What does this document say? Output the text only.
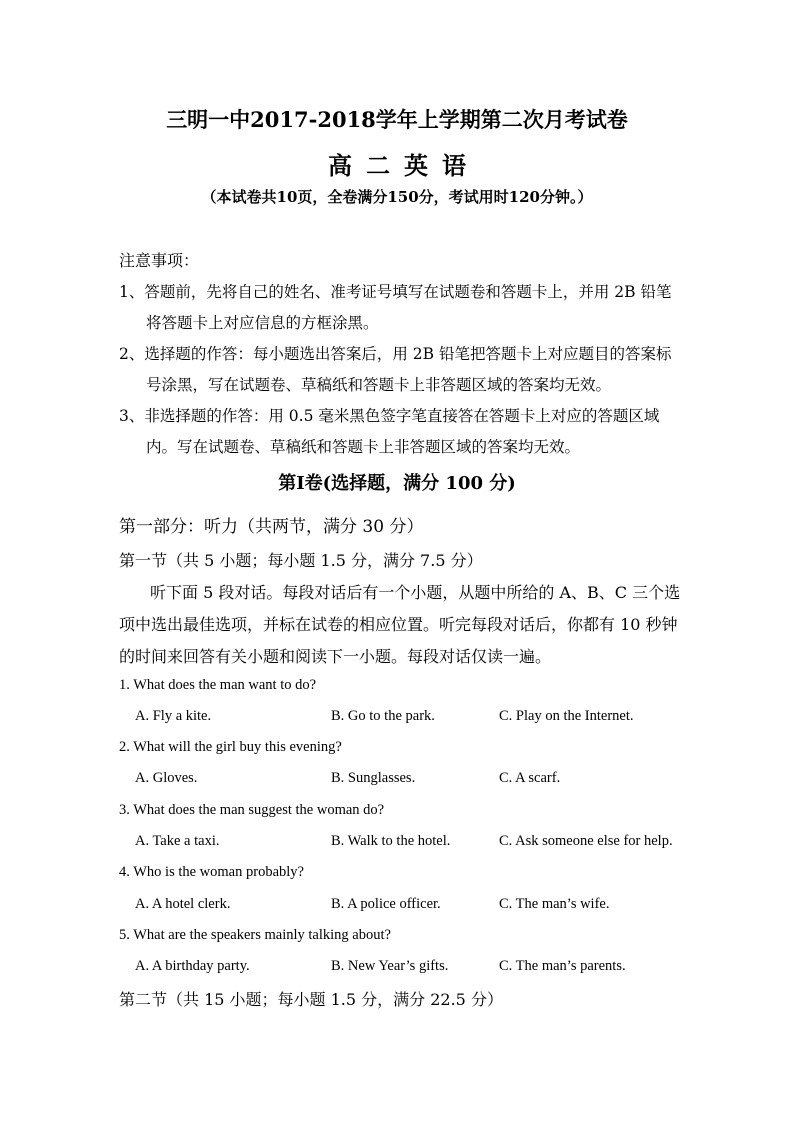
三明一中2017-2018学年上学期第二次月考试卷
高二英语
（本试卷共10页，全卷满分150分，考试用时120分钟。）
注意事项：
1、答题前，先将自己的姓名、准考证号填写在试题卷和答题卡上，并用 2B 铅笔
将答题卡上对应信息的方框涂黑。
2、选择题的作答：每小题选出答案后，用 2B 铅笔把答题卡上对应题目的答案标
号涂黑，写在试题卷、草稿纸和答题卡上非答题区域的答案均无效。
3、非选择题的作答：用 0.5 毫米黑色签字笔直接答在答题卡上对应的答题区域
内。写在试题卷、草稿纸和答题卡上非答题区域的答案均无效。
第Ⅰ卷(选择题，满分 100 分)
第一部分：听力（共两节，满分 30 分）
第一节（共 5 小题；每小题 1.5 分，满分 7.5 分）
听下面 5 段对话。每段对话后有一个小题，从题中所给的 A、B、C 三个选
项中选出最佳选项，并标在试卷的相应位置。听完每段对话后，你都有 10 秒钟
的时间来回答有关小题和阅读下一小题。每段对话仅读一遍。
1. What does the man want to do?
A. Fly a kite.	B. Go to the park.	C. Play on the Internet.
2. What will the girl buy this evening?
A. Gloves.	B. Sunglasses.	C. A scarf.
3. What does the man suggest the woman do?
A. Take a taxi.	B. Walk to the hotel.	C. Ask someone else for help.
4. Who is the woman probably?
A. A hotel clerk.	B. A police officer.	C. The man’s wife.
5. What are the speakers mainly talking about?
A. A birthday party.	B. New Year’s gifts.	C. The man’s parents.
第二节（共 15 小题；每小题 1.5 分，满分 22.5 分）
